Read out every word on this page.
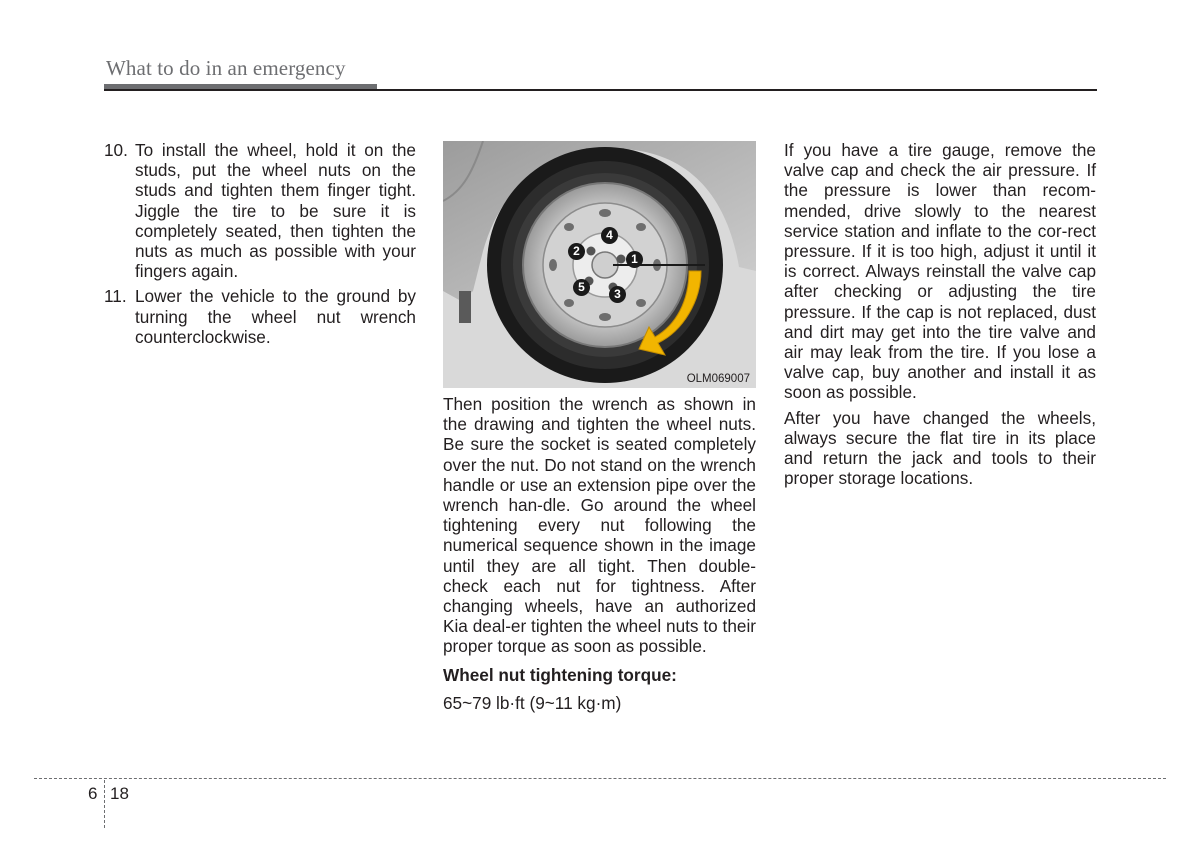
What to do in an emergency
10. To install the wheel, hold it on the studs, put the wheel nuts on the studs and tighten them finger tight. Jiggle the tire to be sure it is completely seated, then tighten the nuts as much as possible with your fingers again.
11. Lower the vehicle to the ground by turning the wheel nut wrench counterclockwise.
1
2
3
4
5
OLM069007

Then position the wrench as shown in the drawing and tighten the wheel nuts. Be sure the socket is seated completely over the nut. Do not stand on the wrench handle or use an extension pipe over the wrench han-dle. Go around the wheel tightening every nut following the numerical sequence shown in the image until they are all tight. Then double-check each nut for tightness. After changing wheels, have an authorized Kia deal-er tighten the wheel nuts to their proper torque as soon as possible.

Wheel nut tightening torque:

65~79 lb·ft (9~11 kg·m)

If you have a tire gauge, remove the valve cap and check the air pressure. If the pressure is lower than recom-mended, drive slowly to the nearest service station and inflate to the cor-rect pressure. If it is too high, adjust it until it is correct. Always reinstall the valve cap after checking or adjusting the tire pressure. If the cap is not replaced, dust and dirt may get into the tire valve and air may leak from the tire. If you lose a valve cap, buy another and install it as soon as possible.

After you have changed the wheels, always secure the flat tire in its place and return the jack and tools to their proper storage locations.

6 18
